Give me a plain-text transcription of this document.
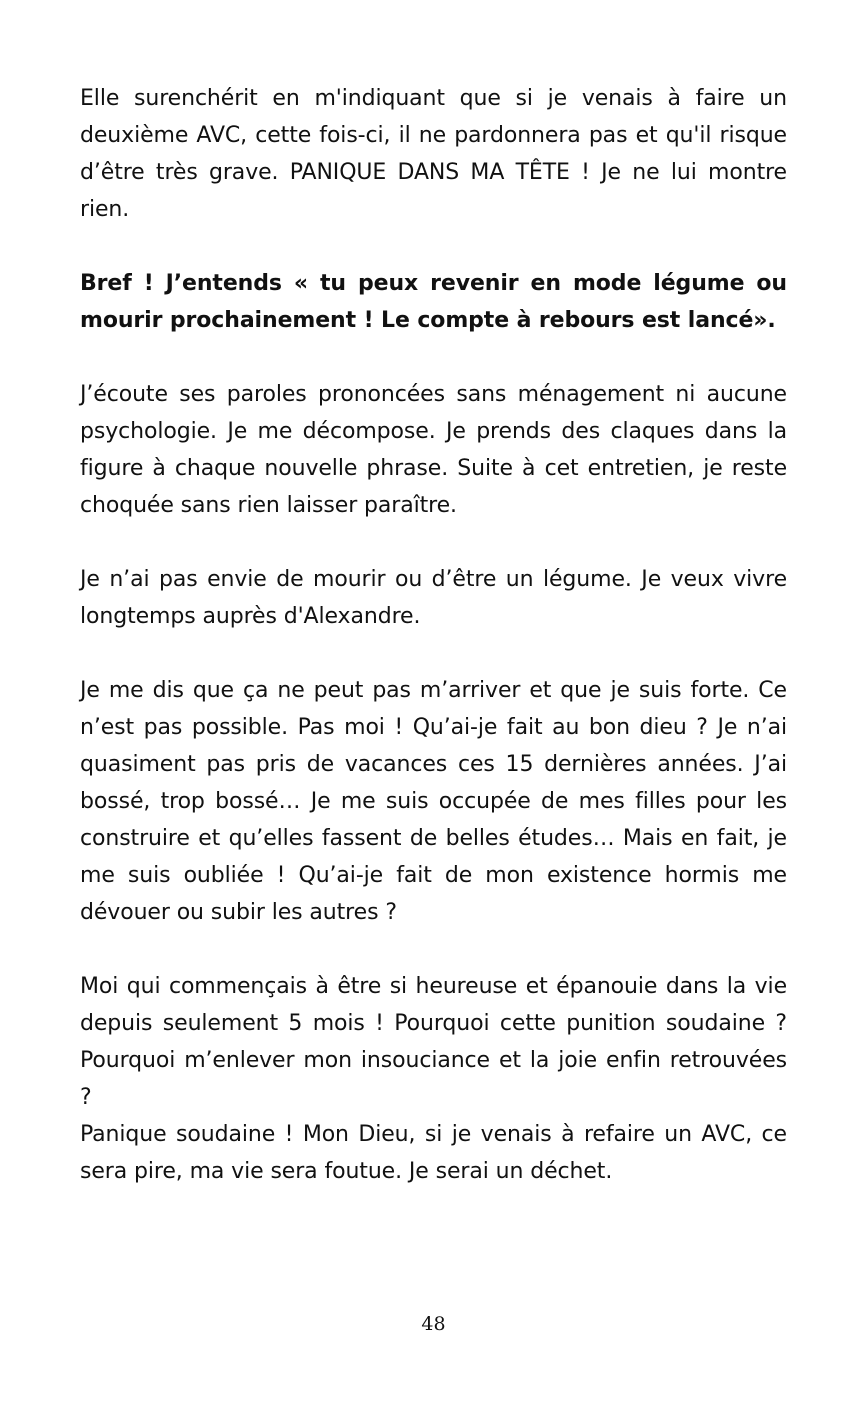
Elle surenchérit en m'indiquant que si je venais à faire un deuxième AVC, cette fois-ci, il ne pardonnera pas et qu'il risque d’être très grave. PANIQUE DANS MA TÊTE ! Je ne lui montre rien.

Bref ! J’entends « tu peux revenir en mode légume ou mourir prochainement ! Le compte à rebours est lancé».

J’écoute ses paroles prononcées sans ménagement ni aucune psychologie. Je me décompose. Je prends des claques dans la figure à chaque nouvelle phrase. Suite à cet entretien, je reste choquée sans rien laisser paraître.

Je n’ai pas envie de mourir ou d’être un légume. Je veux vivre longtemps auprès d'Alexandre.

Je me dis que ça ne peut pas m’arriver et que je suis forte. Ce n’est pas possible. Pas moi ! Qu’ai-je fait au bon dieu ? Je n’ai quasiment pas pris de vacances ces 15 dernières années. J’ai bossé, trop bossé… Je me suis occupée de mes filles pour les construire et qu’elles fassent de belles études… Mais en fait, je me suis oubliée ! Qu’ai-je fait de mon existence hormis me dévouer ou subir les autres ?

Moi qui commençais à être si heureuse et épanouie dans la vie depuis seulement 5 mois ! Pourquoi cette punition soudaine ? Pourquoi m’enlever mon insouciance et la joie enfin retrouvées ?

Panique soudaine ! Mon Dieu, si je venais à refaire un AVC, ce sera pire, ma vie sera foutue. Je serai un déchet.

48
